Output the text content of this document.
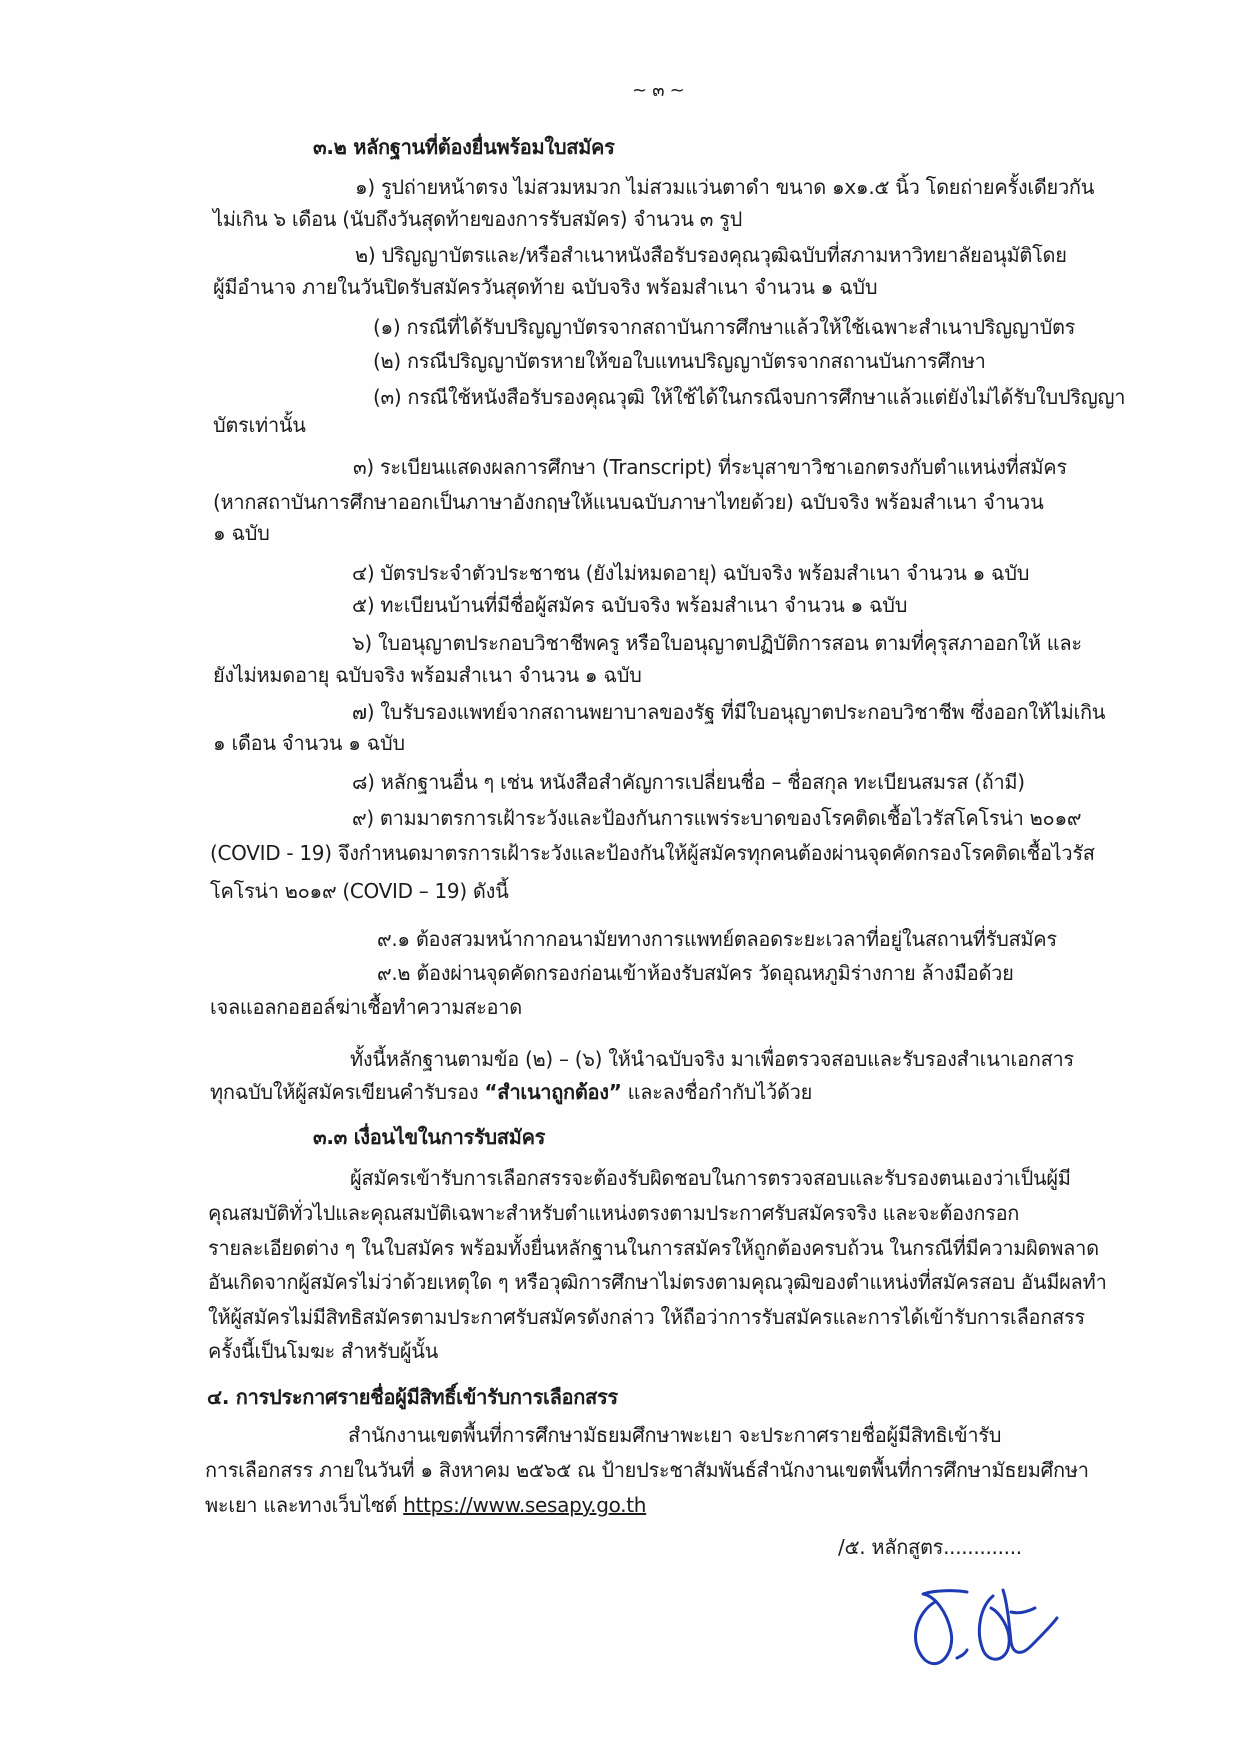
~ ๓ ~
๓.๒ หลักฐานที่ต้องยื่นพร้อมใบสมัคร
๑) รูปถ่ายหน้าตรง ไม่สวมหมวก ไม่สวมแว่นตาดำ ขนาด ๑x๑.๕ นิ้ว โดยถ่ายครั้งเดียวกัน
ไม่เกิน ๖ เดือน (นับถึงวันสุดท้ายของการรับสมัคร) จำนวน ๓ รูป
๒) ปริญญาบัตรและ/หรือสำเนาหนังสือรับรองคุณวุฒิฉบับที่สภามหาวิทยาลัยอนุมัติโดย
ผู้มีอำนาจ ภายในวันปิดรับสมัครวันสุดท้าย ฉบับจริง พร้อมสำเนา จำนวน ๑ ฉบับ
(๑) กรณีที่ได้รับปริญญาบัตรจากสถาบันการศึกษาแล้วให้ใช้เฉพาะสำเนาปริญญาบัตร
(๒) กรณีปริญญาบัตรหายให้ขอใบแทนปริญญาบัตรจากสถานบันการศึกษา
(๓) กรณีใช้หนังสือรับรองคุณวุฒิ ให้ใช้ได้ในกรณีจบการศึกษาแล้วแต่ยังไม่ได้รับใบปริญญา
บัตรเท่านั้น
๓) ระเบียนแสดงผลการศึกษา (Transcript) ที่ระบุสาขาวิชาเอกตรงกับตำแหน่งที่สมัคร
(หากสถาบันการศึกษาออกเป็นภาษาอังกฤษให้แนบฉบับภาษาไทยด้วย) ฉบับจริง พร้อมสำเนา จำนวน
๑ ฉบับ
๔) บัตรประจำตัวประชาชน (ยังไม่หมดอายุ) ฉบับจริง พร้อมสำเนา จำนวน ๑ ฉบับ
๕) ทะเบียนบ้านที่มีชื่อผู้สมัคร ฉบับจริง พร้อมสำเนา จำนวน ๑ ฉบับ
๖) ใบอนุญาตประกอบวิชาชีพครู หรือใบอนุญาตปฏิบัติการสอน ตามที่คุรุสภาออกให้ และ
ยังไม่หมดอายุ ฉบับจริง พร้อมสำเนา จำนวน ๑ ฉบับ
๗) ใบรับรองแพทย์จากสถานพยาบาลของรัฐ ที่มีใบอนุญาตประกอบวิชาชีพ ซึ่งออกให้ไม่เกิน
๑ เดือน จำนวน ๑ ฉบับ
๘) หลักฐานอื่น ๆ เช่น หนังสือสำคัญการเปลี่ยนชื่อ – ชื่อสกุล ทะเบียนสมรส (ถ้ามี)
๙) ตามมาตรการเฝ้าระวังและป้องกันการแพร่ระบาดของโรคติดเชื้อไวรัสโคโรน่า ๒๐๑๙
(COVID - 19) จึงกำหนดมาตรการเฝ้าระวังและป้องกันให้ผู้สมัครทุกคนต้องผ่านจุดคัดกรองโรคติดเชื้อไวรัส
โคโรน่า ๒๐๑๙ (COVID – 19) ดังนี้
๙.๑ ต้องสวมหน้ากากอนามัยทางการแพทย์ตลอดระยะเวลาที่อยู่ในสถานที่รับสมัคร
๙.๒ ต้องผ่านจุดคัดกรองก่อนเข้าห้องรับสมัคร วัดอุณหภูมิร่างกาย ล้างมือด้วย
เจลแอลกอฮอล์ฆ่าเชื้อทำความสะอาด
ทั้งนี้หลักฐานตามข้อ (๒) – (๖) ให้นำฉบับจริง มาเพื่อตรวจสอบและรับรองสำเนาเอกสาร
ทุกฉบับให้ผู้สมัครเขียนคำรับรอง “สำเนาถูกต้อง” และลงชื่อกำกับไว้ด้วย
๓.๓ เงื่อนไขในการรับสมัคร
ผู้สมัครเข้ารับการเลือกสรรจะต้องรับผิดชอบในการตรวจสอบและรับรองตนเองว่าเป็นผู้มี
คุณสมบัติทั่วไปและคุณสมบัติเฉพาะสำหรับตำแหน่งตรงตามประกาศรับสมัครจริง และจะต้องกรอก
รายละเอียดต่าง ๆ ในใบสมัคร พร้อมทั้งยื่นหลักฐานในการสมัครให้ถูกต้องครบถ้วน ในกรณีที่มีความผิดพลาด
อันเกิดจากผู้สมัครไม่ว่าด้วยเหตุใด ๆ หรือวุฒิการศึกษาไม่ตรงตามคุณวุฒิของตำแหน่งที่สมัครสอบ อันมีผลทำ
ให้ผู้สมัครไม่มีสิทธิสมัครตามประกาศรับสมัครดังกล่าว ให้ถือว่าการรับสมัครและการได้เข้ารับการเลือกสรร
ครั้งนี้เป็นโมฆะ สำหรับผู้นั้น
๔. การประกาศรายชื่อผู้มีสิทธิ์เข้ารับการเลือกสรร
สำนักงานเขตพื้นที่การศึกษามัธยมศึกษาพะเยา จะประกาศรายชื่อผู้มีสิทธิเข้ารับ
การเลือกสรร ภายในวันที่ ๑ สิงหาคม ๒๕๖๕ ณ ป้ายประชาสัมพันธ์สำนักงานเขตพื้นที่การศึกษามัธยมศึกษา
พะเยา และทางเว็บไซต์ https://www.sesapy.go.th
/๕. หลักสูตร.............
